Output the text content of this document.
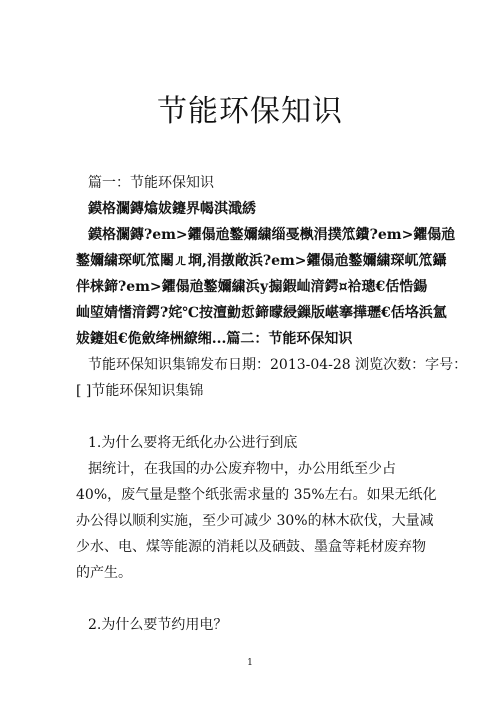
节能环保知识
篇一：节能环保知识
鏌格灁鏄熻妭鑳界幆淇濈綉
鏌格灁鏄?em>鑺傝兘鐜嬭繍缁戞槸涓撲笟鐨?em>鑺傝兘
鐜嬭繍琛屼笟闂ㄦ埛,涓撴敞浜?em>鑺傝兘鐜嬭繍琛屼笟鑷
伴梾鍗?em>鑺傝兘鐜嬭繍浜у搧鍜屾湇鍔¤祫璁€佸悎鍚
屾埅婧愭湇鍔?姹℃按澶勭悊鍗曚綅鏁版嵁搴撶瓑€佸垎浜氳
妭鑳姐€佹斂绛栦繚缃...篇二：节能环保知识
节能环保知识集锦发布日期：2013-04-28 浏览次数：字号：
[ ]节能环保知识集锦
1.为什么要将无纸化办公进行到底
据统计，在我国的办公废弃物中，办公用纸至少占
40%，废气量是整个纸张需求量的 35%左右。如果无纸化
办公得以顺利实施，至少可减少 30%的林木砍伐，大量减
少水、电、煤等能源的消耗以及硒鼓、墨盒等耗材废弃物
的产生。
2.为什么要节约用电？
1
